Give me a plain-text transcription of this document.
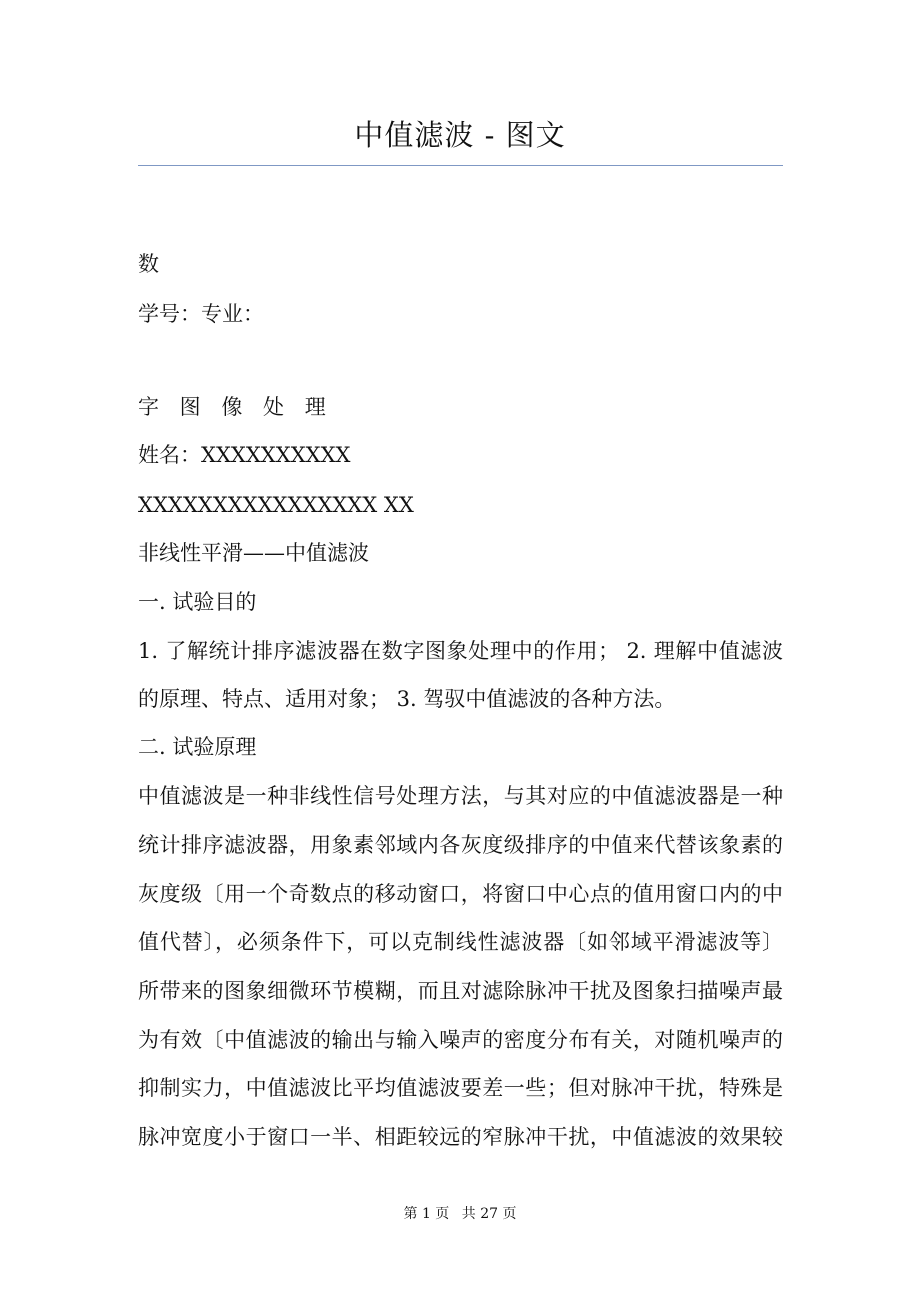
中值滤波 - 图文
数
学号：专业：
字 图 像 处 理
姓名：XXXXXXXXXX
XXXXXXXXXXXXXXXX XX
非线性平滑——中值滤波
一. 试验目的
1. 了解统计排序滤波器在数字图象处理中的作用； 2. 理解中值滤波
的原理、特点、适用对象； 3. 驾驭中值滤波的各种方法。
二. 试验原理
中值滤波是一种非线性信号处理方法，与其对应的中值滤波器是一种
统计排序滤波器，用象素邻域内各灰度级排序的中值来代替该象素的
灰度级〔用一个奇数点的移动窗口，将窗口中心点的值用窗口内的中
值代替〕，必须条件下，可以克制线性滤波器〔如邻域平滑滤波等〕
所带来的图象细微环节模糊，而且对滤除脉冲干扰及图象扫描噪声最
为有效〔中值滤波的输出与输入噪声的密度分布有关，对随机噪声的
抑制实力，中值滤波比平均值滤波要差一些；但对脉冲干扰，特殊是
脉冲宽度小于窗口一半、相距较远的窄脉冲干扰，中值滤波的效果较
第 1 页 共 27 页
